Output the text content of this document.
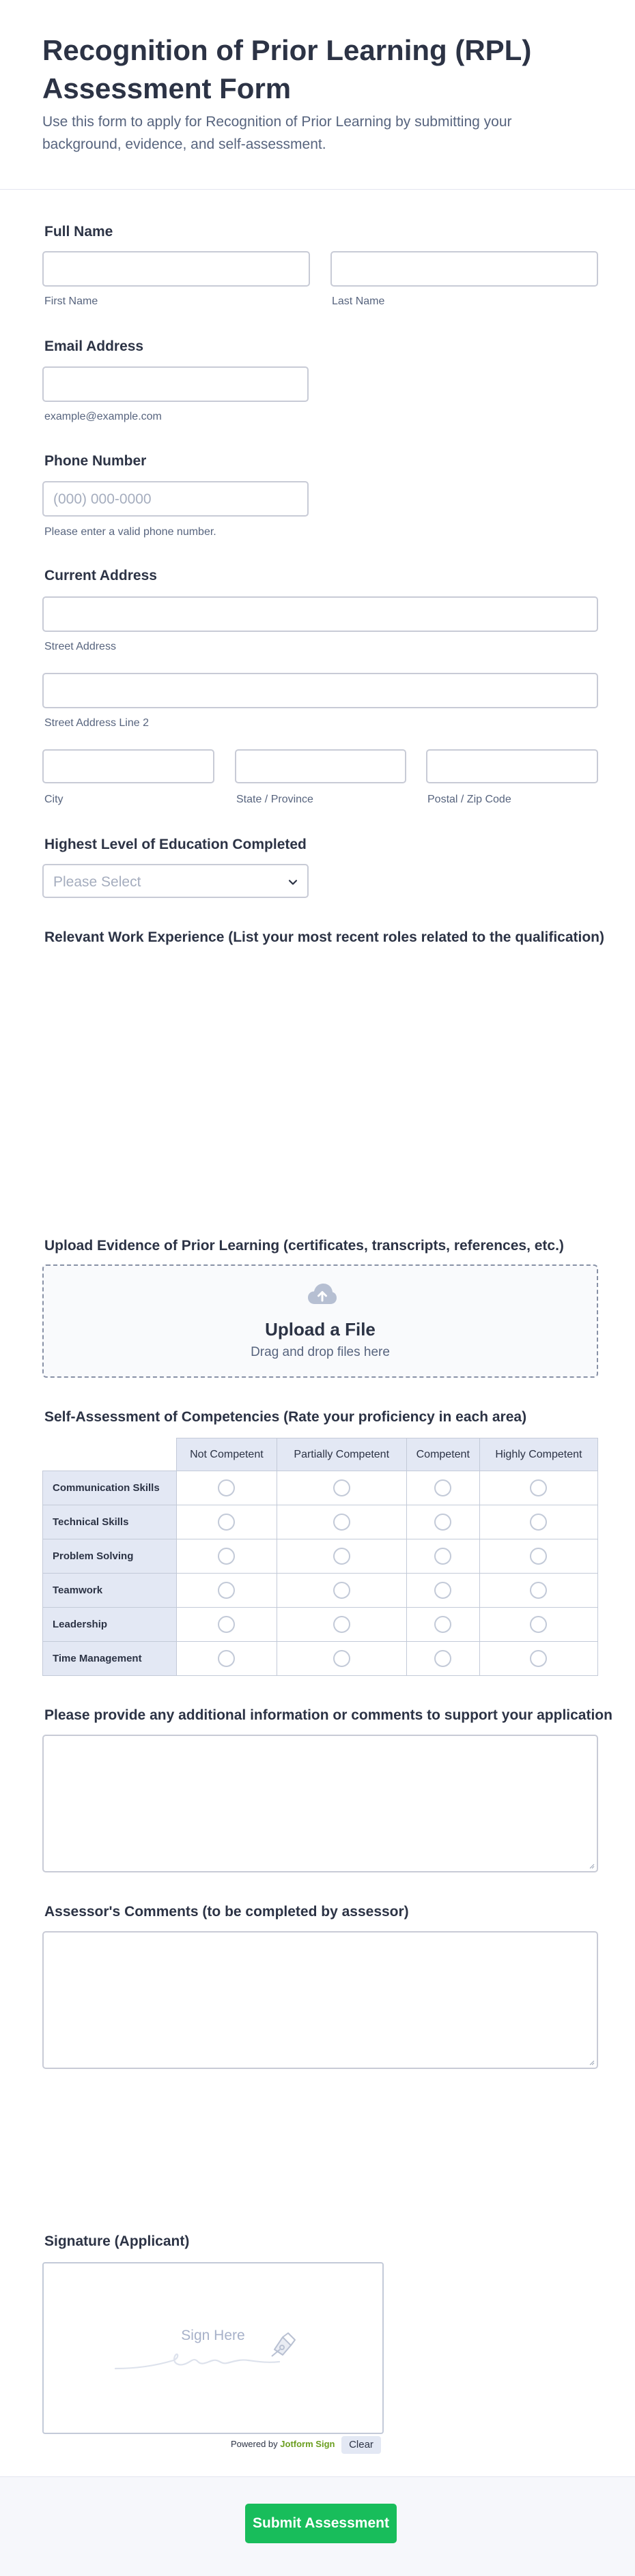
Recognition of Prior Learning (RPL) Assessment Form
Use this form to apply for Recognition of Prior Learning by submitting your background, evidence, and self-assessment.
Full Name
First Name	Last Name
Email Address
example@example.com
Phone Number
(000) 000-0000
Please enter a valid phone number.
Current Address
Street Address
Street Address Line 2
City	State / Province	Postal / Zip Code
Highest Level of Education Completed
Please Select
Relevant Work Experience (List your most recent roles related to the qualification)
Upload Evidence of Prior Learning (certificates, transcripts, references, etc.)
Upload a File
Drag and drop files here
Self-Assessment of Competencies (Rate your proficiency in each area)
	Not Competent	Partially Competent	Competent	Highly Competent
Communication Skills				
Technical Skills				
Problem Solving				
Teamwork				
Leadership				
Time Management				
Please provide any additional information or comments to support your application
Assessor's Comments (to be completed by assessor)
Signature (Applicant)
Sign Here
Powered by Jotform Sign	Clear
Submit Assessment
